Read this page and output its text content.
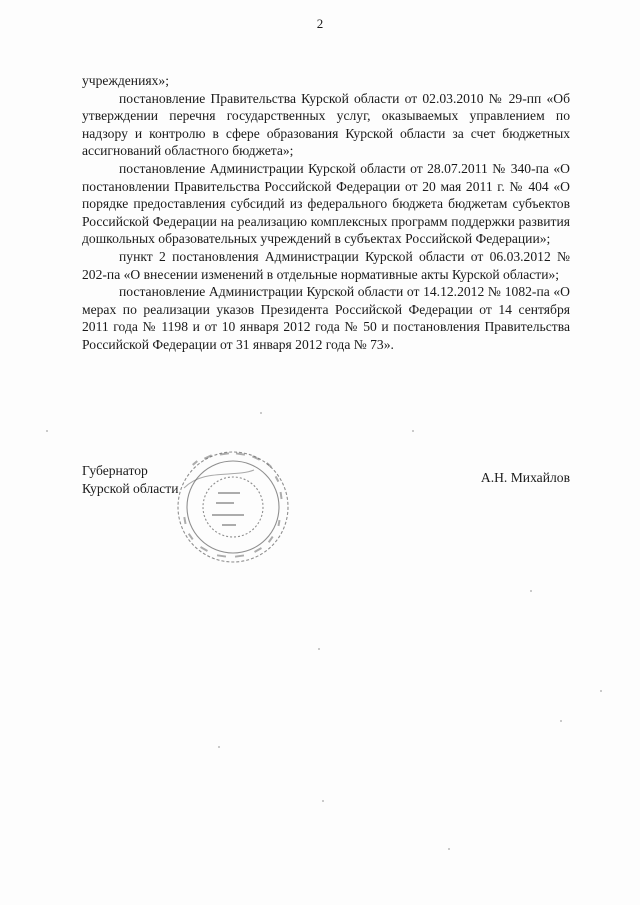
2

учреждениях»;

постановление Правительства Курской области от 02.03.2010 № 29-пп «Об утверждении перечня государственных услуг, оказываемых управлением по надзору и контролю в сфере образования Курской области за счет бюджетных ассигнований областного бюджета»;

постановление Администрации Курской области от 28.07.2011 № 340-па «О постановлении Правительства Российской Федерации от 20 мая 2011 г. № 404 «О порядке предоставления субсидий из федерального бюджета бюджетам субъектов Российской Федерации на реализацию комплексных программ поддержки развития дошкольных образовательных учреждений в субъектах Российской Федерации»;

пункт 2 постановления Администрации Курской области от 06.03.2012 № 202-па «О внесении изменений в отдельные нормативные акты Курской области»;

постановление Администрации Курской области от 14.12.2012 № 1082-па «О мерах по реализации указов Президента Российской Федерации от 14 сентября 2011 года № 1198 и от 10 января 2012 года № 50 и постановления Правительства Российской Федерации от 31 января 2012 года № 73».

Губернатор
Курской области
А.Н. Михайлов
